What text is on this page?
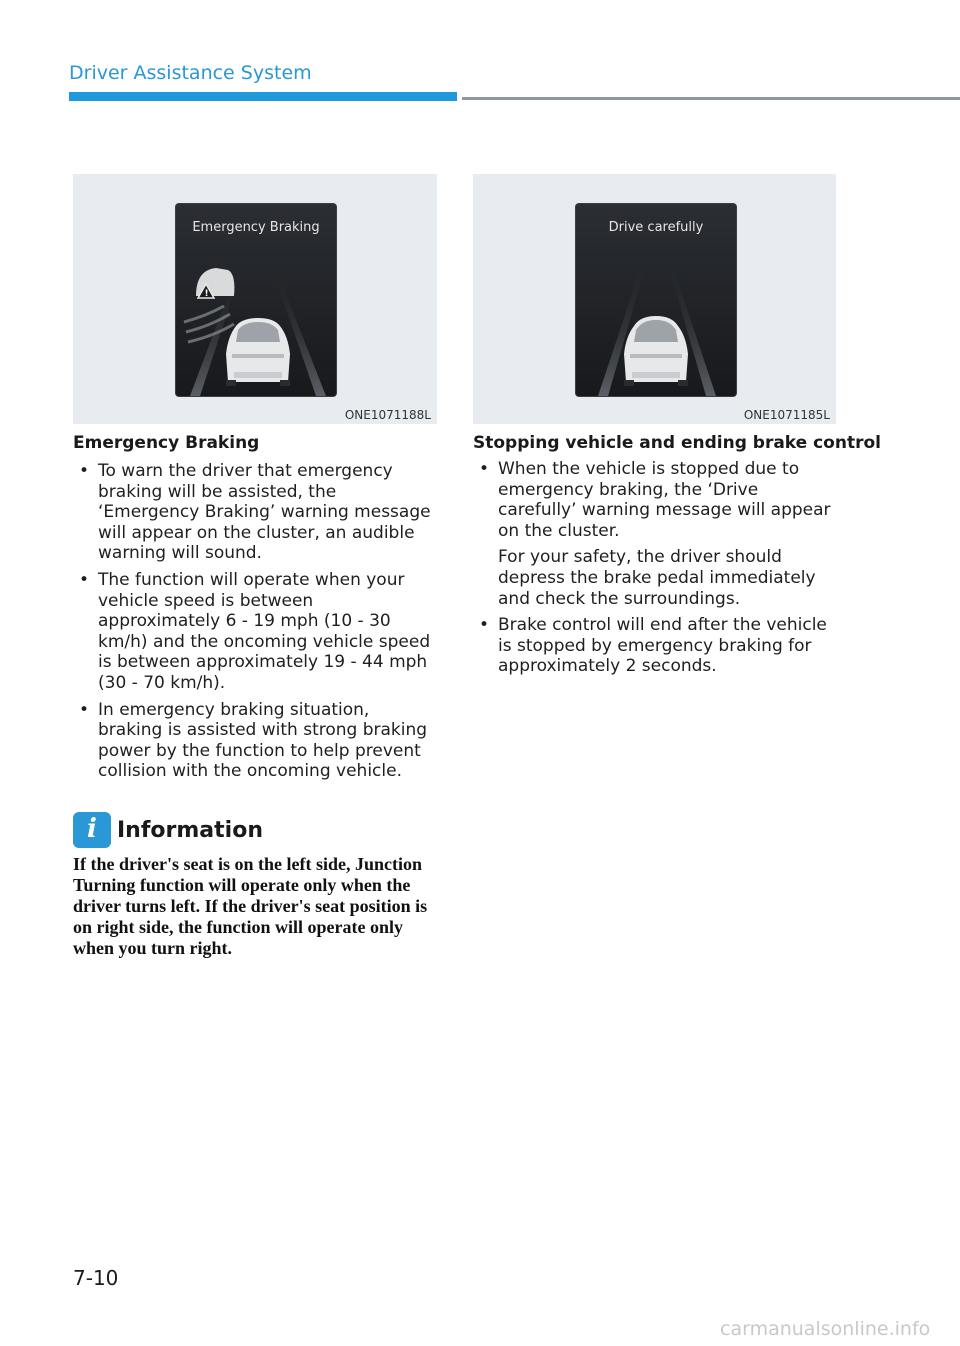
Driver Assistance System
!
Emergency Braking
ONE1071188L
Drive carefully
ONE1071185L
Emergency Braking
• To warn the driver that emergency braking will be assisted, the ‘Emergency Braking’ warning message will appear on the cluster, an audible warning will sound.

• The function will operate when your vehicle speed is between approximately 6 - 19 mph (10 - 30 km/h) and the oncoming vehicle speed is between approximately 19 - 44 mph (30 - 70 km/h).

• In emergency braking situation, braking is assisted with strong braking power by the function to help prevent collision with the oncoming vehicle.

Stopping vehicle and ending brake control
• When the vehicle is stopped due to emergency braking, the ‘Drive carefully’ warning message will appear on the cluster.

For your safety, the driver should depress the brake pedal immediately and check the surroundings.

• Brake control will end after the vehicle is stopped by emergency braking for approximately 2 seconds.

i Information
If the driver's seat is on the left side, Junction Turning function will operate only when the driver turns left. If the driver's seat position is on right side, the function will operate only when you turn right.
7-10
carmanualsonline.info
